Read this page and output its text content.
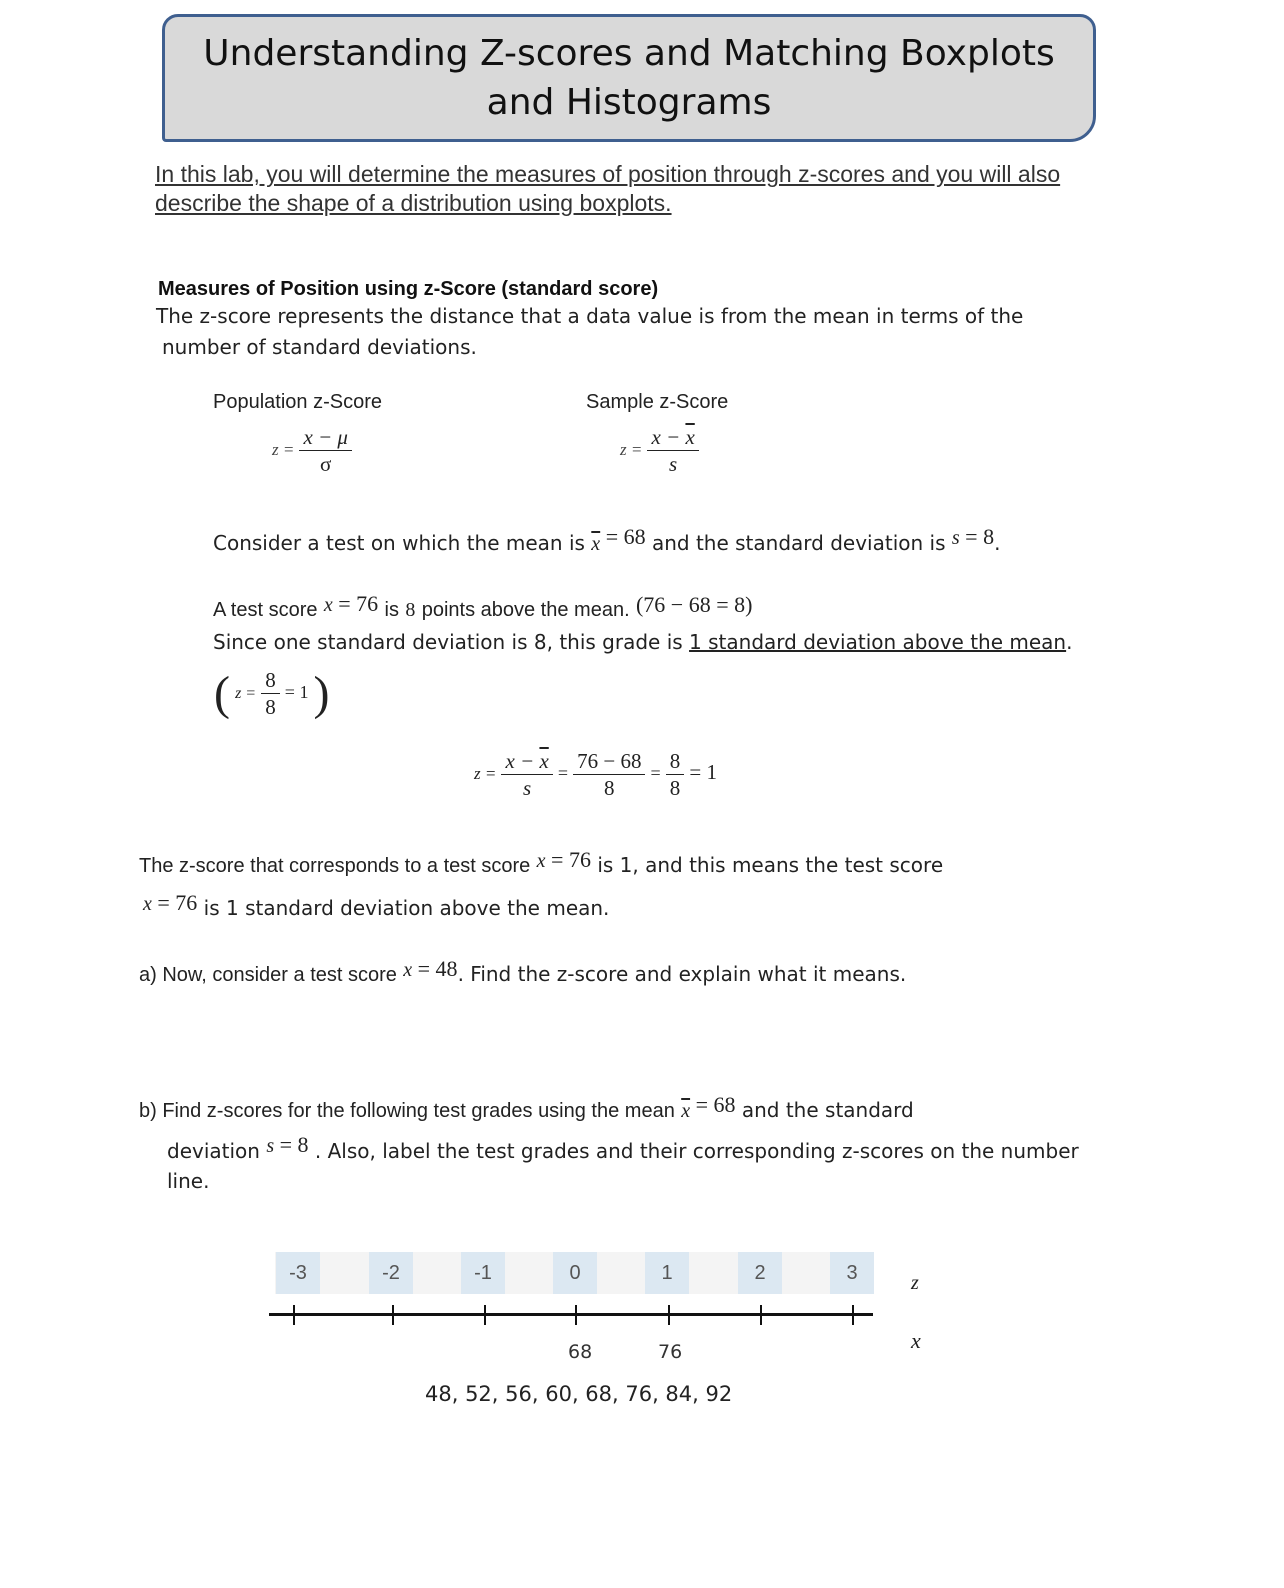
Understanding Z-scores and Matching Boxplots and Histograms
In this lab, you will determine the measures of position through z-scores and you will also describe the shape of a distribution using boxplots.
Measures of Position using z-Score (standard score)
The z-score represents the distance that a data value is from the mean in terms of the
number of standard deviations.
Population z-Score	Sample z-Score
$z = \frac{x - \mu}{\sigma}$	$z = \frac{x - \overline{x}}{s}$
Consider a test on which the mean is $\overline{x} = 68$ and the standard deviation is s = 8.
A test score x = 76 is 8 points above the mean. (76 − 68 = 8)
Since one standard deviation is 8, this grade is 1 standard deviation above the mean.
( $z = \frac{8}{8} = 1$ )
$z = \frac{x - \overline{x}}{s} = \frac{76 - 68}{8} = \frac{8}{8} = 1$
The z-score that corresponds to a test score x = 76 is 1, and this means the test score
x = 76 is 1 standard deviation above the mean.
a) Now, consider a test score x = 48. Find the z-score and explain what it means.
b) Find z-scores for the following test grades using the mean $\overline{x} = 68$ and the standard
deviation s = 8 . Also, label the test grades and their corresponding z-scores on the number
line.
-3	-2	-1	0	1	2	3	z
x
68	76
48, 52, 56, 60, 68, 76, 84, 92
